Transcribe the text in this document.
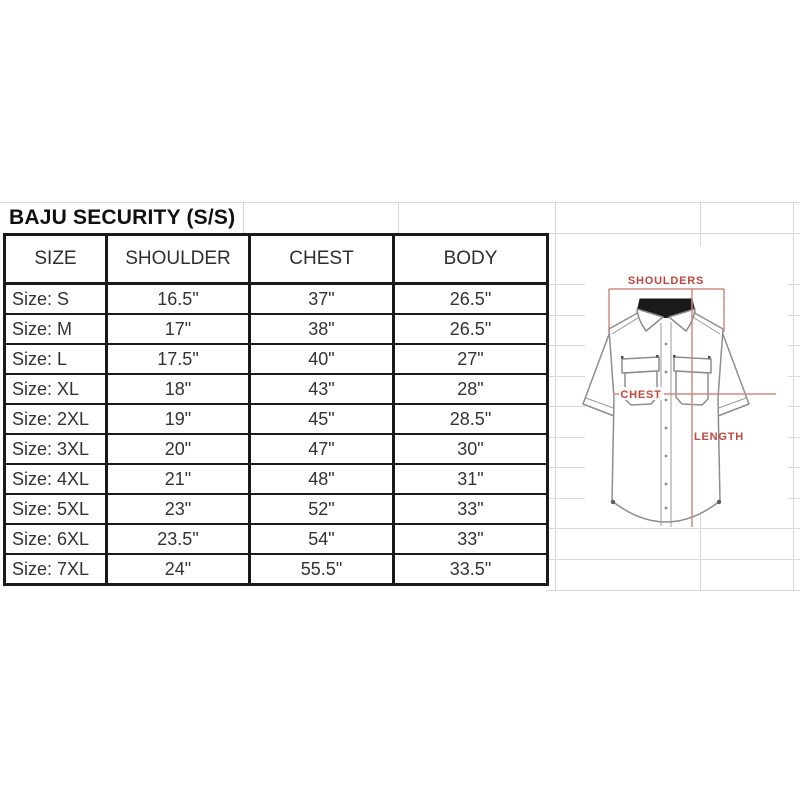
BAJU SECURITY (S/S)
SIZE	SHOULDER	CHEST	BODY
Size: S	16.5"	37"	26.5"
Size: M	17"	38"	26.5"
Size: L	17.5"	40"	27"
Size: XL	18"	43"	28"
Size: 2XL	19"	45"	28.5"
Size: 3XL	20"	47"	30"
Size: 4XL	21"	48"	31"
Size: 5XL	23"	52"	33"
Size: 6XL	23.5"	54"	33"
Size: 7XL	24"	55.5"	33.5"
SHOULDERS
CHEST
LENGTH
